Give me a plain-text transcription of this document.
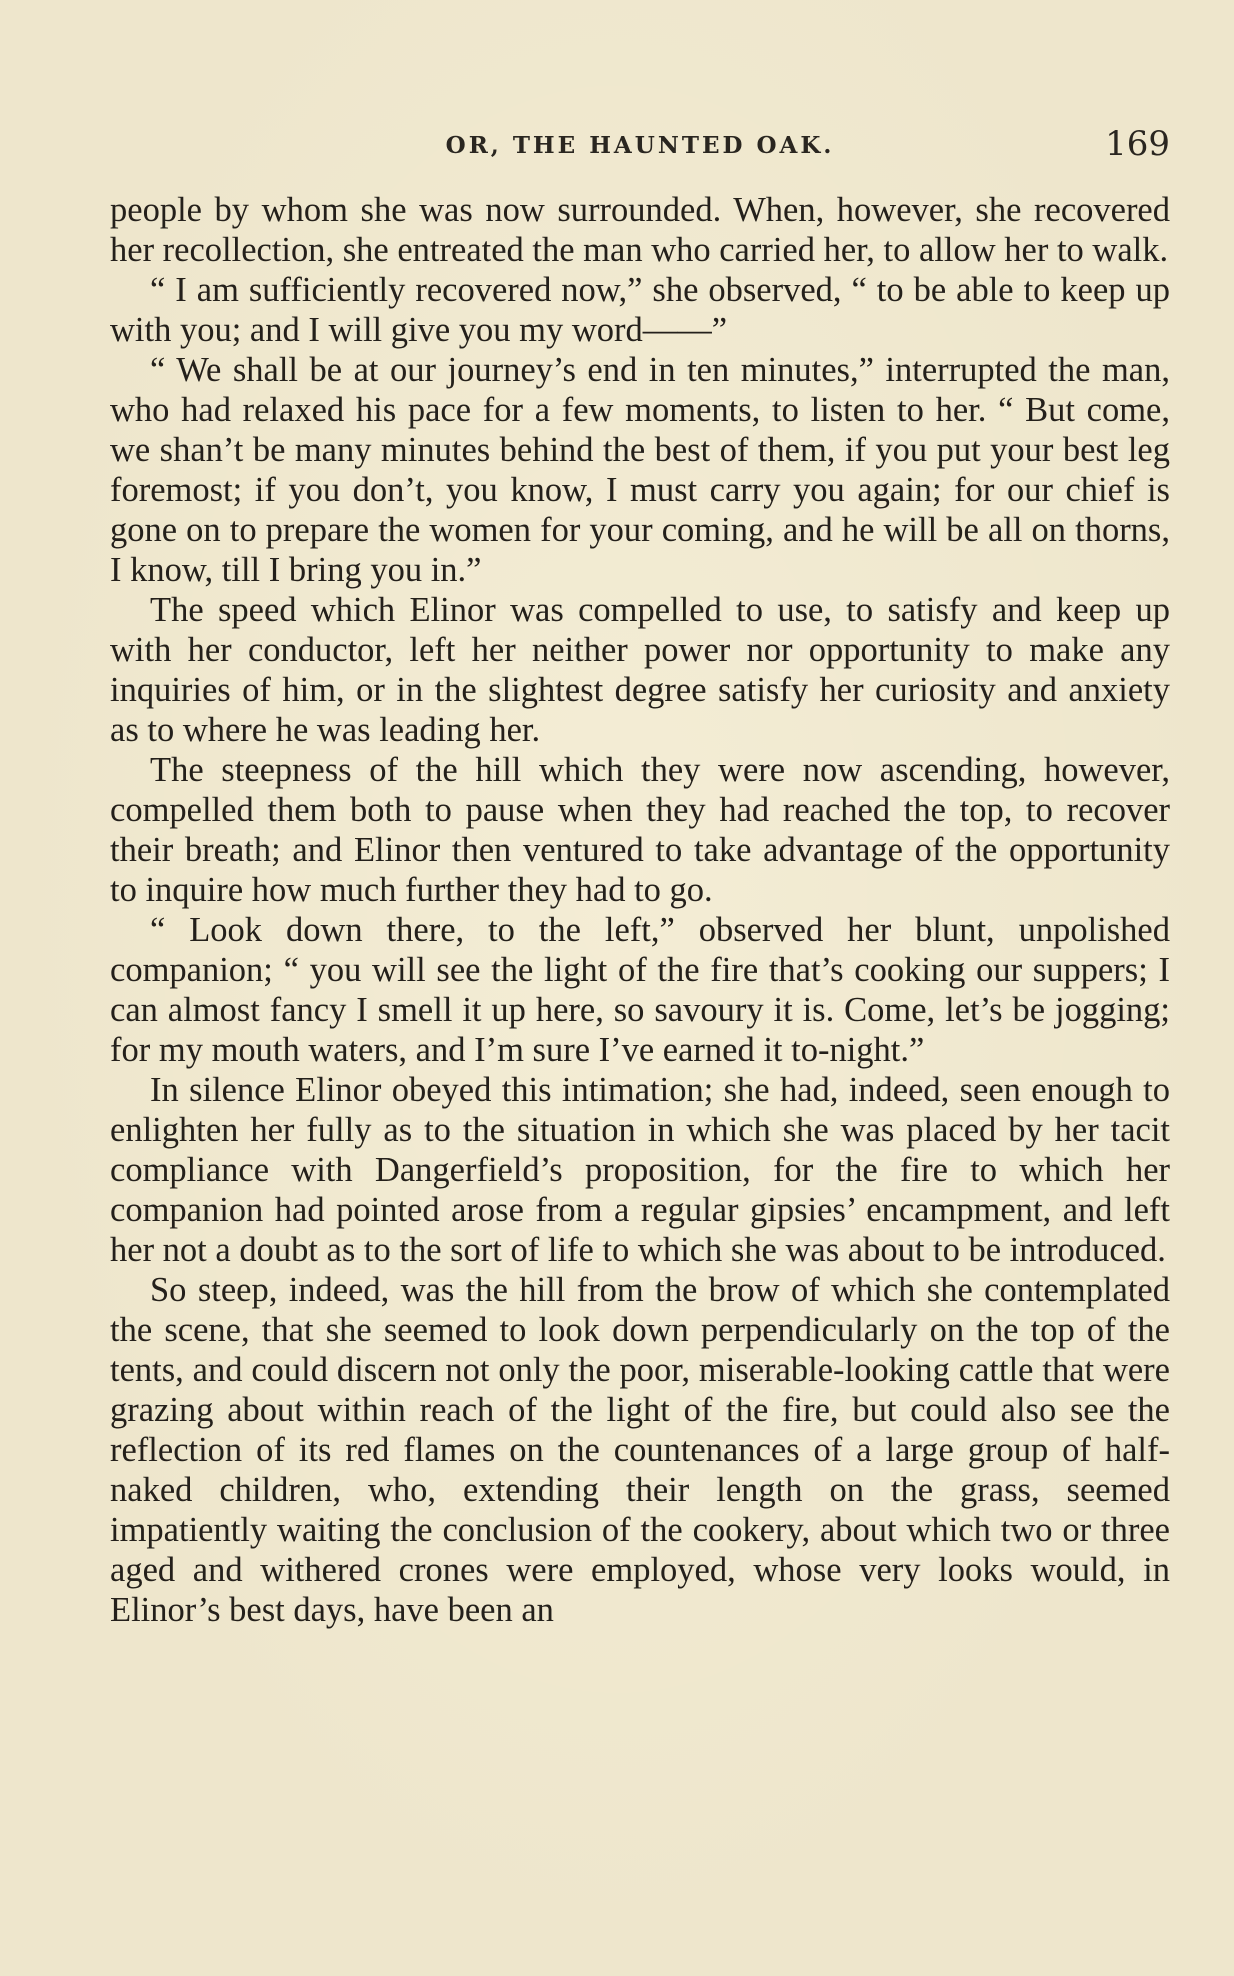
OR, THE HAUNTED OAK.	169

people by whom she was now surrounded. When, however, she recovered her recollection, she entreated the man who carried her, to allow her to walk.

“ I am sufficiently recovered now,” she observed, “ to be able to keep up with you; and I will give you my word——”

“ We shall be at our journey’s end in ten minutes,” interrupted the man, who had relaxed his pace for a few moments, to listen to her. “ But come, we shan’t be many minutes behind the best of them, if you put your best leg foremost; if you don’t, you know, I must carry you again; for our chief is gone on to prepare the women for your coming, and he will be all on thorns, I know, till I bring you in.”

The speed which Elinor was compelled to use, to satisfy and keep up with her conductor, left her neither power nor opportunity to make any inquiries of him, or in the slightest degree satisfy her curiosity and anxiety as to where he was leading her.

The steepness of the hill which they were now ascending, however, compelled them both to pause when they had reached the top, to recover their breath; and Elinor then ventured to take advantage of the opportunity to inquire how much further they had to go.

“ Look down there, to the left,” observed her blunt, unpolished companion; “ you will see the light of the fire that’s cooking our suppers; I can almost fancy I smell it up here, so savoury it is. Come, let’s be jogging; for my mouth waters, and I’m sure I’ve earned it to-night.”

In silence Elinor obeyed this intimation; she had, indeed, seen enough to enlighten her fully as to the situation in which she was placed by her tacit compliance with Dangerfield’s proposition, for the fire to which her companion had pointed arose from a regular gipsies’ encampment, and left her not a doubt as to the sort of life to which she was about to be introduced.

So steep, indeed, was the hill from the brow of which she contemplated the scene, that she seemed to look down perpendicularly on the top of the tents, and could discern not only the poor, miserable-looking cattle that were grazing about within reach of the light of the fire, but could also see the reflection of its red flames on the countenances of a large group of half-naked children, who, extending their length on the grass, seemed impatiently waiting the conclusion of the cookery, about which two or three aged and withered crones were employed, whose very looks would, in Elinor’s best days, have been an
